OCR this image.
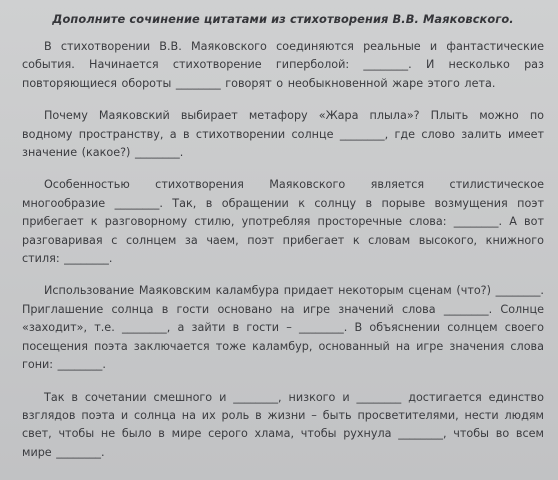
Дополните сочинение цитатами из стихотворения В.В. Маяковского.

В стихотворении В.В. Маяковского соединяются реальные и фантастические события. Начинается стихотворение гиперболой: ________. И несколько раз повторяющиеся обороты ________ говорят о необыкновенной жаре этого лета.

Почему Маяковский выбирает метафору «Жара плыла»? Плыть можно по водному пространству, а в стихотворении солнце ________, где слово залить имеет значение (какое?) ________.

Особенностью стихотворения Маяковского является стилистическое многообразие ________. Так, в обращении к солнцу в порыве возмущения поэт прибегает к разговорному стилю, употребляя просторечные слова: ________. А вот разговаривая с солнцем за чаем, поэт прибегает к словам высокого, книжного стиля: ________.

Использование Маяковским каламбура придает некоторым сценам (что?) ________. Приглашение солнца в гости основано на игре значений слова ________. Солнце «заходит», т.е. ________, а зайти в гости – ________. В объяснении солнцем своего посещения поэта заключается тоже каламбур, основанный на игре значения слова гони: ________.

Так в сочетании смешного и ________, низкого и ________ достигается единство взглядов поэта и солнца на их роль в жизни – быть просветителями, нести людям свет, чтобы не было в мире серого хлама, чтобы рухнула ________, чтобы во всем мире ________.
